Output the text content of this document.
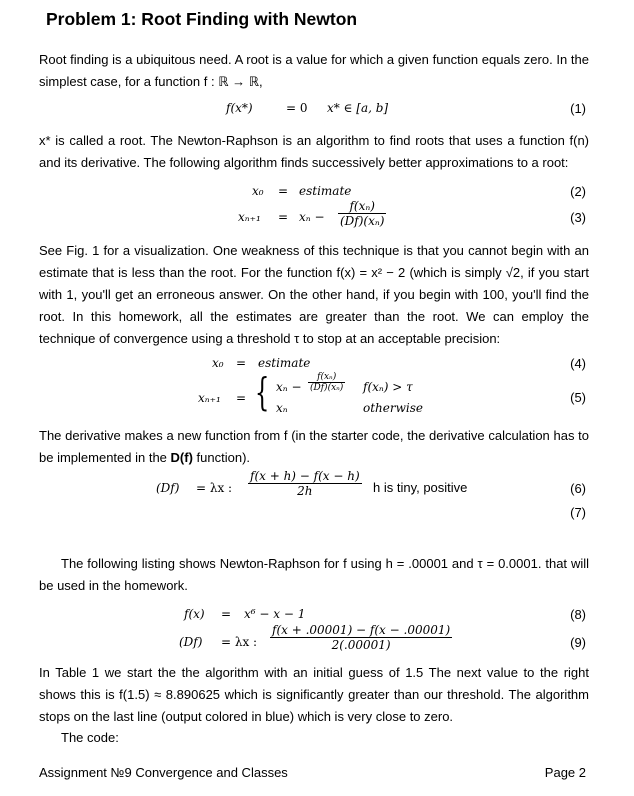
Problem 1: Root Finding with Newton
Root finding is a ubiquitous need. A root is a value for which a given function equals zero. In the simplest case, for a function f : ℝ → ℝ,
f(x*)	= 0 x* ∈ [a, b]	(1)
x* is called a root. The Newton-Raphson is an algorithm to find roots that uses a function f(n) and its derivative. The following algorithm finds successively better approximations to a root:
x₀ = estimate	(2)
$x_{n+1} = x_n - \frac{\text{f(xₙ)}}{\text{(Df)(xₙ)}}$	(3)
See Fig. 1 for a visualization. One weakness of this technique is that you cannot begin with an estimate that is less than the root. For the function f(x) = x² − 2 (which is simply √2, if you start with 1, you'll get an erroneous answer. On the other hand, if you begin with 100, you'll find the root. In this homework, all the estimates are greater than the root. We can employ the technique of convergence using a threshold τ to stop at an acceptable precision:
x₀ = estimate	(4)
xₙ₊₁ = { $x_n - \frac{\text{f(xₙ)}}{\text{(Df)(xₙ)}} f(x_n) > \tau$
xₙ	otherwise
(5)
The derivative makes a new function from f (in the starter code, the derivative calculation has to be implemented in the D(f) function).
(Df) = λx : $\frac{f(x + h) - f(x - h)}{2h}$ h is tiny, positive	(6)
(7)
The following listing shows Newton-Raphson for f using h = .00001 and τ = 0.0001. that will be used in the homework.
f(x) = x⁶ − x − 1	(8)
(Df) = λx : $\frac{f(x + .00001) - f(x - .00001)}{2(.00001)}$	(9)
In Table 1 we start the the algorithm with an initial guess of 1.5 The next value to the right shows this is f(1.5) ≈ 8.890625 which is significantly greater than our threshold. The algorithm stops on the last line (output colored in blue) which is very close to zero.
The code:
Assignment №9 Convergence and Classes	Page 2
